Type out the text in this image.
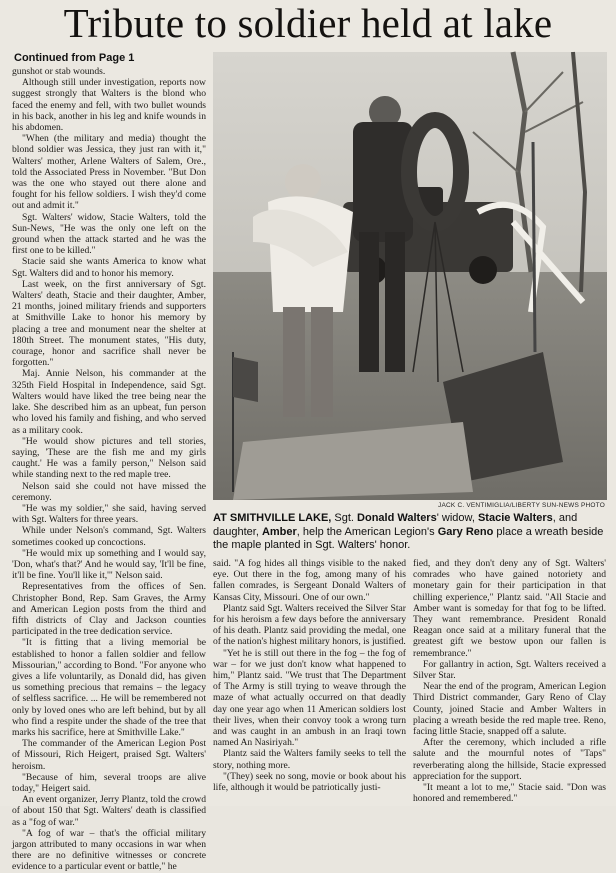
Tribute to soldier held at lake
Continued from Page 1

gunshot or stab wounds.

Although still under investigation, reports now suggest strongly that Walters is the blond who faced the enemy and fell, with two bullet wounds in his back, another in his leg and knife wounds in his abdomen.

"When (the military and media) thought the blond soldier was Jessica, they just ran with it," Walters' mother, Arlene Walters of Salem, Ore., told the Associated Press in November. "But Don was the one who stayed out there alone and fought for his fellow soldiers. I wish they'd come out and admit it."

Sgt. Walters' widow, Stacie Walters, told the Sun-News, "He was the only one left on the ground when the attack started and he was the first one to be killed."

Stacie said she wants America to know what Sgt. Walters did and to honor his memory.

Last week, on the first anniversary of Sgt. Walters' death, Stacie and their daughter, Amber, 21 months, joined military friends and supporters at Smithville Lake to honor his memory by placing a tree and monument near the shelter at 180th Street. The monument states, "His duty, courage, honor and sacrifice shall never be forgotten."

Maj. Annie Nelson, his commander at the 325th Field Hospital in Independence, said Sgt. Walters would have liked the tree being near the lake. She described him as an upbeat, fun person who loved his family and fishing, and who served as a military cook.

"He would show pictures and tell stories, saying, 'These are the fish me and my girls caught.' He was a family person," Nelson said while standing next to the red maple tree.

Nelson said she could not have missed the ceremony.

"He was my soldier," she said, having served with Sgt. Walters for three years.

While under Nelson's command, Sgt. Walters sometimes cooked up concoctions.

"He would mix up something and I would say, 'Don, what's that?' And he would say, 'It'll be fine, it'll be fine. You'll like it,'" Nelson said.

Representatives from the offices of Sen. Christopher Bond, Rep. Sam Graves, the Army and American Legion posts from the third and fifth districts of Clay and Jackson counties participated in the tree dedication service.

"It is fitting that a living memorial be established to honor a fallen soldier and fellow Missourian," according to Bond. "For anyone who gives a life voluntarily, as Donald did, has given us something precious that remains – the legacy of selfless sacrifice. ... He will be remembered not only by loved ones who are left behind, but by all who find a respite under the shade of the tree that marks his sacrifice, here at Smithville Lake."

The commander of the American Legion Post of Missouri, Rich Heigert, praised Sgt. Walters' heroism.

"Because of him, several troops are alive today," Heigert said.

An event organizer, Jerry Plantz, told the crowd of about 150 that Sgt. Walters' death is classified as a "fog of war."

"A fog of war – that's the official military jargon attributed to many occasions in war when there are no definitive witnesses or concrete evidence to a particular event or battle," he

JACK C. VENTIMIGLIA/LIBERTY SUN-NEWS PHOTO
AT SMITHVILLE LAKE, Sgt. Donald Walters' widow, Stacie Walters, and daughter, Amber, help the American Legion's Gary Reno place a wreath beside the maple planted in Sgt. Walters' honor.

said. "A fog hides all things visible to the naked eye. Out there in the fog, among many of his fallen comrades, is Sergeant Donald Walters of Kansas City, Missouri. One of our own."

Plantz said Sgt. Walters received the Silver Star for his heroism a few days before the anniversary of his death. Plantz said providing the medal, one of the nation's highest military honors, is justified.

"Yet he is still out there in the fog – the fog of war – for we just don't know what happened to him," Plantz said. "We trust that The Department of The Army is still trying to weave through the maze of what actually occurred on that deadly day one year ago when 11 American soldiers lost their lives, when their convoy took a wrong turn and was caught in an ambush in an Iraqi town named An Nasiriyah."

Plantz said the Walters family seeks to tell the story, nothing more.

"(They) seek no song, movie or book about his life, although it would be patriotically justi-

fied, and they don't deny any of Sgt. Walters' comrades who have gained notoriety and monetary gain for their participation in that chilling experience," Plantz said. "All Stacie and Amber want is someday for that fog to be lifted. They want remembrance. President Ronald Reagan once said at a military funeral that the greatest gift we bestow upon our fallen is remembrance."

For gallantry in action, Sgt. Walters received a Silver Star.

Near the end of the program, American Legion Third District commander, Gary Reno of Clay County, joined Stacie and Amber Walters in placing a wreath beside the red maple tree. Reno, facing little Stacie, snapped off a salute.

After the ceremony, which included a rifle salute and the mournful notes of "Taps" reverberating along the hillside, Stacie expressed appreciation for the support.

"It meant a lot to me," Stacie said. "Don was honored and remembered."
